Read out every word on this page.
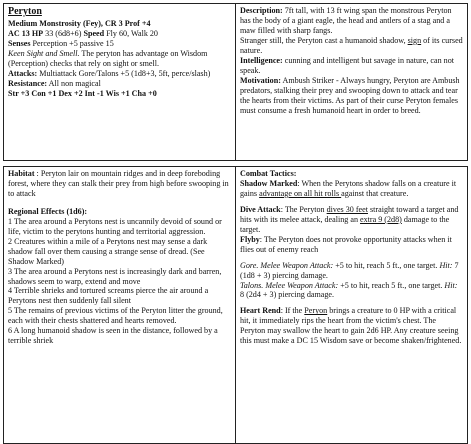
Peryton

Medium Monstrosity (Fey), CR 3 Prof +4

AC 13 HP 33 (6d8+6) Speed Fly 60, Walk 20

Senses Perception +5 passive 15

Keen Sight and Smell. The peryton has advantage on Wisdom (Perception) checks that rely on sight or smell.

Attacks: Multiattack Gore/Talons +5 (1d8+3, 5ft, perce/slash)

Resistance: All non magical

Str +3 Con +1 Dex +2 Int -1 Wis +1 Cha +0

Description: 7ft tall, with 13 ft wing span the monstrous Peryton has the body of a giant eagle, the head and antlers of a stag and a maw filled with sharp fangs.

Stranger still, the Peryton cast a humanoid shadow, sign of its cursed nature.

Intelligence: cunning and intelligent but savage in nature, can not speak.

Motivation: Ambush Striker - Always hungry, Peryton are Ambush predators, stalking their prey and swooping down to attack and tear the hearts from their victims. As part of their curse Peryton females must consume a fresh humanoid heart in order to breed.

Habitat : Peryton lair on mountain ridges and in deep foreboding forest, where they can stalk their prey from high before swooping in to attack

Regional Effects (1d6):

1 The area around a Perytons nest is uncannily devoid of sound or life, victim to the perytons hunting and territorial aggression.

2 Creatures within a mile of a Perytons nest may sense a dark shadow fall over them causing a strange sense of dread. (See Shadow Marked)

3 The area around a Perytons nest is increasingly dark and barren, shadows seem to warp, extend and move

4 Terrible shrieks and tortured screams pierce the air around a Perytons nest then suddenly fall silent

5 The remains of previous victims of the Peryton litter the ground, each with their chests shattered and hearts removed.

6 A long humanoid shadow is seen in the distance, followed by a terrible shriek

Combat Tactics:

Shadow Marked: When the Perytons shadow falls on a creature it gains advantage on all hit rolls against that creature.

Dive Attack: The Peryton dives 30 feet straight toward a target and hits with its melee attack, dealing an extra 9 (2d8) damage to the target.

Flyby: The Peryton does not provoke opportunity attacks when it flies out of enemy reach

Gore. Melee Weapon Attack: +5 to hit, reach 5 ft., one target. Hit: 7 (1d8 + 3) piercing damage.

Talons. Melee Weapon Attack: +5 to hit, reach 5 ft., one target. Hit: 8 (2d4 + 3) piercing damage.

Heart Rend: If the Peryon brings a creature to 0 HP with a critical hit, it immediately rips the heart from the victim's chest. The Peryton may swallow the heart to gain 2d6 HP. Any creature seeing this must make a DC 15 Wisdom save or become shaken/frightened.
